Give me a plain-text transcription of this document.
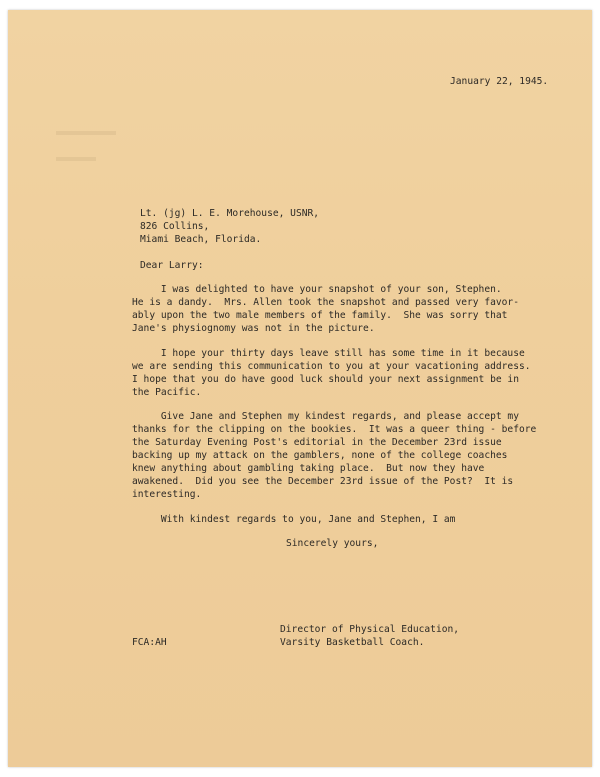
January 22, 1945.

Lt. (jg) L. E. Morehouse, USNR,

826 Collins,

Miami Beach, Florida.

Dear Larry:

I was delighted to have your snapshot of your son, Stephen.

He is a dandy.  Mrs. Allen took the snapshot and passed very favor-

ably upon the two male members of the family.  She was sorry that

Jane's physiognomy was not in the picture.

I hope your thirty days leave still has some time in it because

we are sending this communication to you at your vacationing address.

I hope that you do have good luck should your next assignment be in

the Pacific.

Give Jane and Stephen my kindest regards, and please accept my

thanks for the clipping on the bookies.  It was a queer thing - before

the Saturday Evening Post's editorial in the December 23rd issue

backing up my attack on the gamblers, none of the college coaches

knew anything about gambling taking place.  But now they have

awakened.  Did you see the December 23rd issue of the Post?  It is

interesting.

With kindest regards to you, Jane and Stephen, I am

Sincerely yours,

Director of Physical Education,

Varsity Basketball Coach.

FCA:AH
